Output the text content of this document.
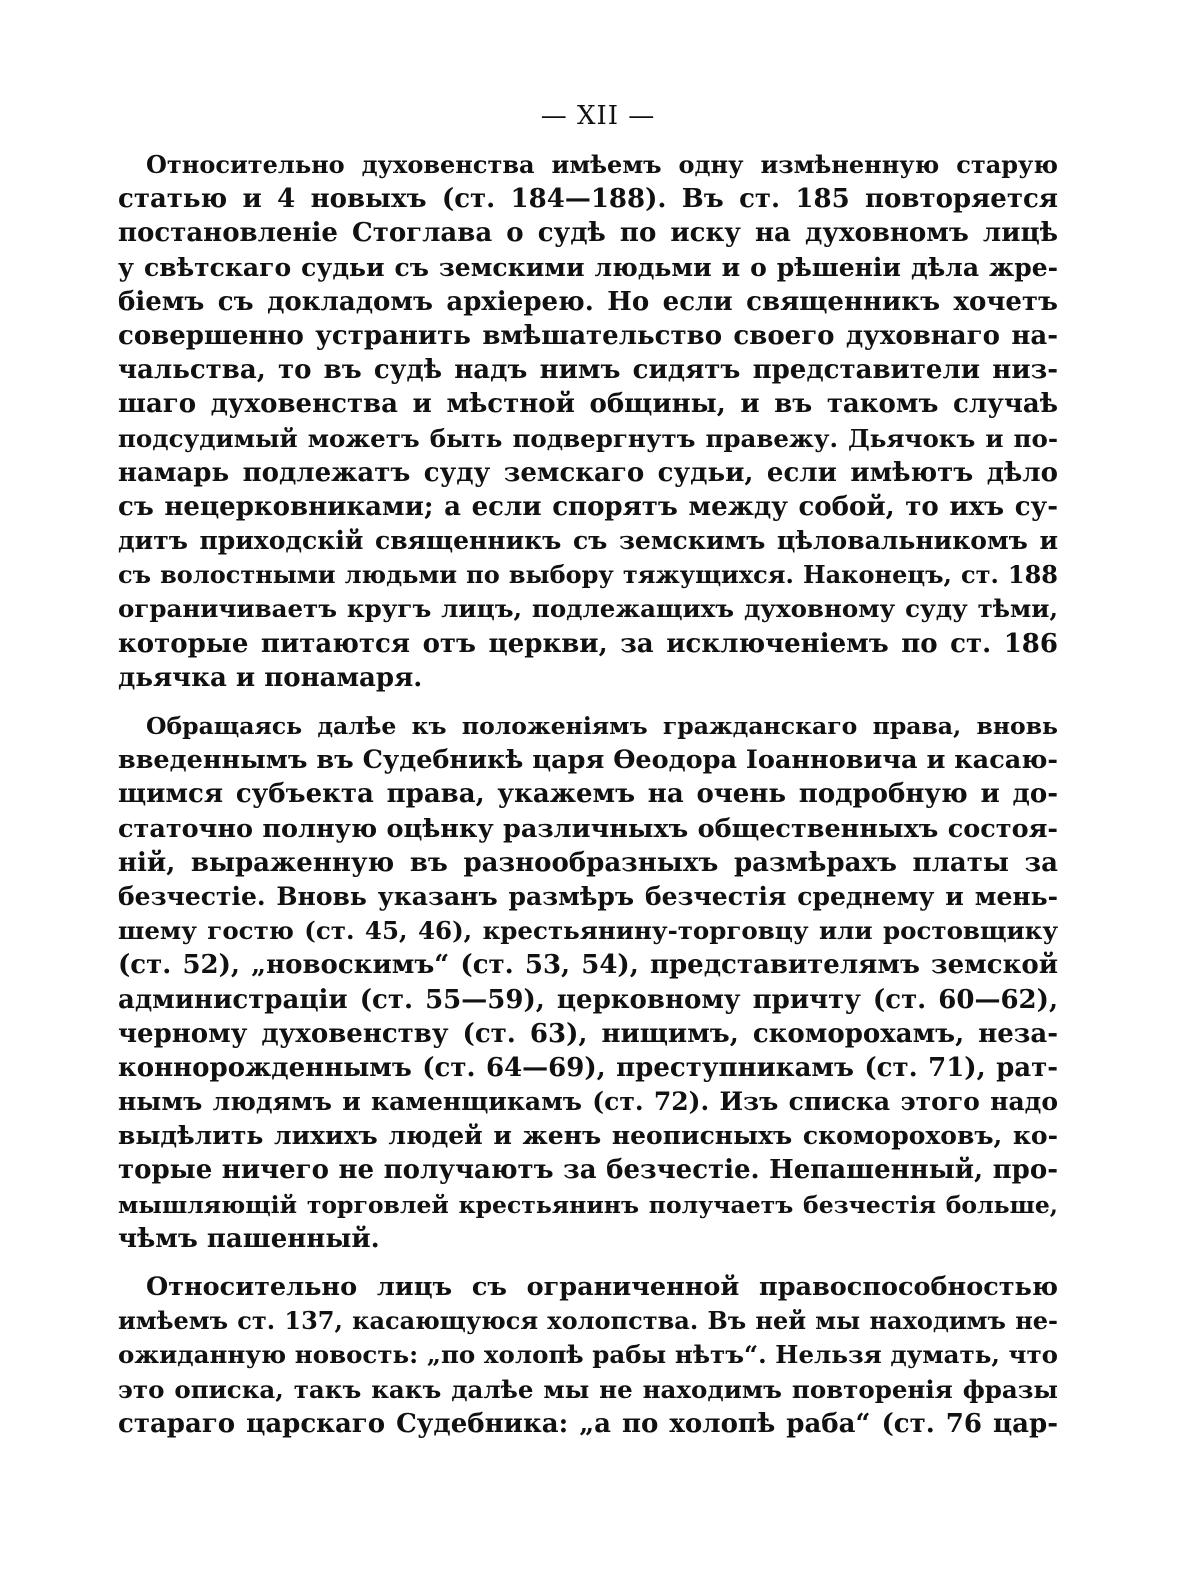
— XII —
Относительно духовенства имѣемъ одну измѣненную старую
статью и 4 новыхъ (ст. 184—188). Въ ст. 185 повторяется
постановленіе Стоглава о судѣ по иску на духовномъ лицѣ
у свѣтскаго судьи съ земскими людьми и о рѣшеніи дѣла жре-
біемъ съ докладомъ архіерею. Но если священникъ хочетъ
совершенно устранить вмѣшательство своего духовнаго на-
чальства, то въ судѣ надъ нимъ сидятъ представители низ-
шаго духовенства и мѣстной общины, и въ такомъ случаѣ
подсудимый можетъ быть подвергнутъ правежу. Дьячокъ и по-
намарь подлежатъ суду земскаго судьи, если имѣютъ дѣло
съ нецерковниками; а если спорятъ между собой, то ихъ су-
дитъ приходскій священникъ съ земскимъ цѣловальникомъ и
съ волостными людьми по выбору тяжущихся. Наконецъ, ст. 188
ограничиваетъ кругъ лицъ, подлежащихъ духовному суду тѣми,
которые питаются отъ церкви, за исключеніемъ по ст. 186
дьячка и понамаря.
Обращаясь далѣе къ положеніямъ гражданскаго права, вновь
введеннымъ въ Судебникѣ царя Ѳеодора Іоанновича и касаю-
щимся субъекта права, укажемъ на очень подробную и до-
статочно полную оцѣнку различныхъ общественныхъ состоя-
ній, выраженную въ разнообразныхъ размѣрахъ платы за
безчестіе. Вновь указанъ размѣръ безчестія среднему и мень-
шему гостю (ст. 45, 46), крестьянину-торговцу или ростовщику
(ст. 52), „новоскимъ“ (ст. 53, 54), представителямъ земской
администраціи (ст. 55—59), церковному причту (ст. 60—62),
черному духовенству (ст. 63), нищимъ, скоморохамъ, неза-
коннорожденнымъ (ст. 64—69), преступникамъ (ст. 71), рат-
нымъ людямъ и каменщикамъ (ст. 72). Изъ списка этого надо
выдѣлить лихихъ людей и женъ неописныхъ скомороховъ, ко-
торые ничего не получаютъ за безчестіе. Непашенный, про-
мышляющій торговлей крестьянинъ получаетъ безчестія больше,
чѣмъ пашенный.
Относительно лицъ съ ограниченной правоспособностью
имѣемъ ст. 137, касающуюся холопства. Въ ней мы находимъ не-
ожиданную новость: „по холопѣ рабы нѣтъ“. Нельзя думать, что
это описка, такъ какъ далѣе мы не находимъ повторенія фразы
стараго царскаго Судебника: „а по холопѣ раба“ (ст. 76 цар-
